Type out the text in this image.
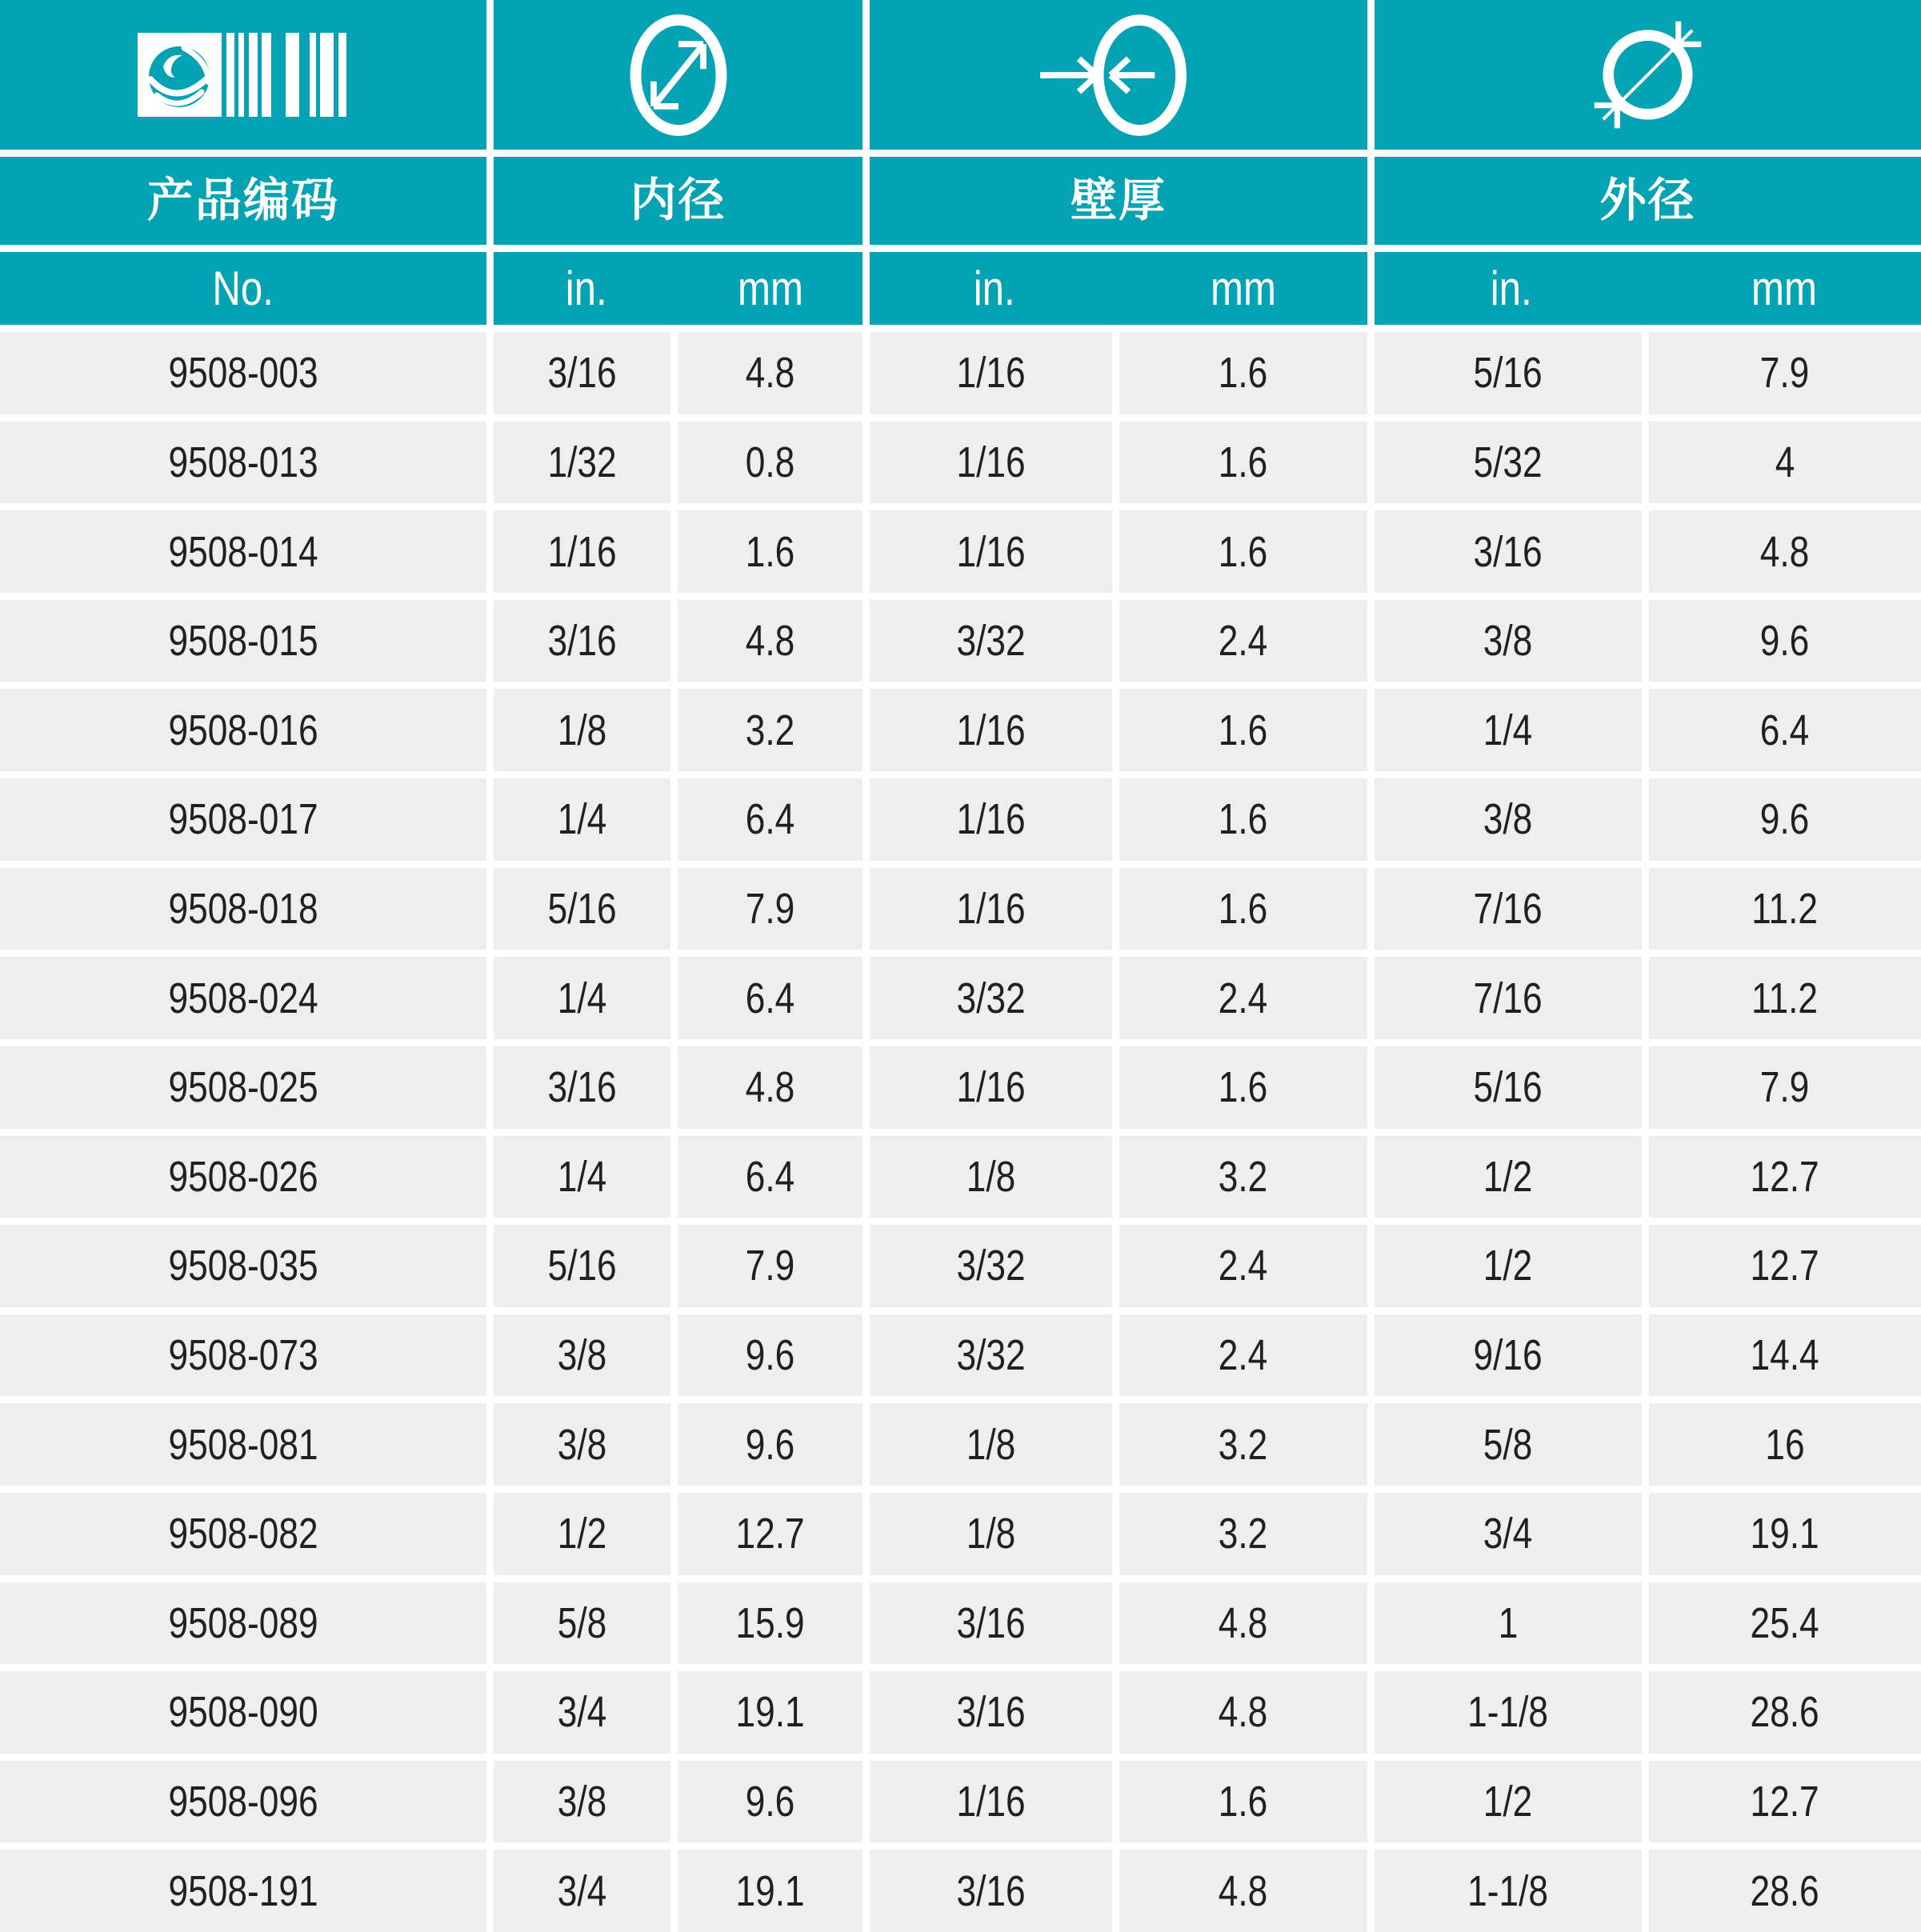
产品编码	内径	壁厚	外径
No.	in.	mm	in.	mm	in.	mm
9508-003	3/16	4.8	1/16	1.6	5/16	7.9
9508-013	1/32	0.8	1/16	1.6	5/32	4
9508-014	1/16	1.6	1/16	1.6	3/16	4.8
9508-015	3/16	4.8	3/32	2.4	3/8	9.6
9508-016	1/8	3.2	1/16	1.6	1/4	6.4
9508-017	1/4	6.4	1/16	1.6	3/8	9.6
9508-018	5/16	7.9	1/16	1.6	7/16	11.2
9508-024	1/4	6.4	3/32	2.4	7/16	11.2
9508-025	3/16	4.8	1/16	1.6	5/16	7.9
9508-026	1/4	6.4	1/8	3.2	1/2	12.7
9508-035	5/16	7.9	3/32	2.4	1/2	12.7
9508-073	3/8	9.6	3/32	2.4	9/16	14.4
9508-081	3/8	9.6	1/8	3.2	5/8	16
9508-082	1/2	12.7	1/8	3.2	3/4	19.1
9508-089	5/8	15.9	3/16	4.8	1	25.4
9508-090	3/4	19.1	3/16	4.8	1-1/8	28.6
9508-096	3/8	9.6	1/16	1.6	1/2	12.7
9508-191	3/4	19.1	3/16	4.8	1-1/8	28.6
